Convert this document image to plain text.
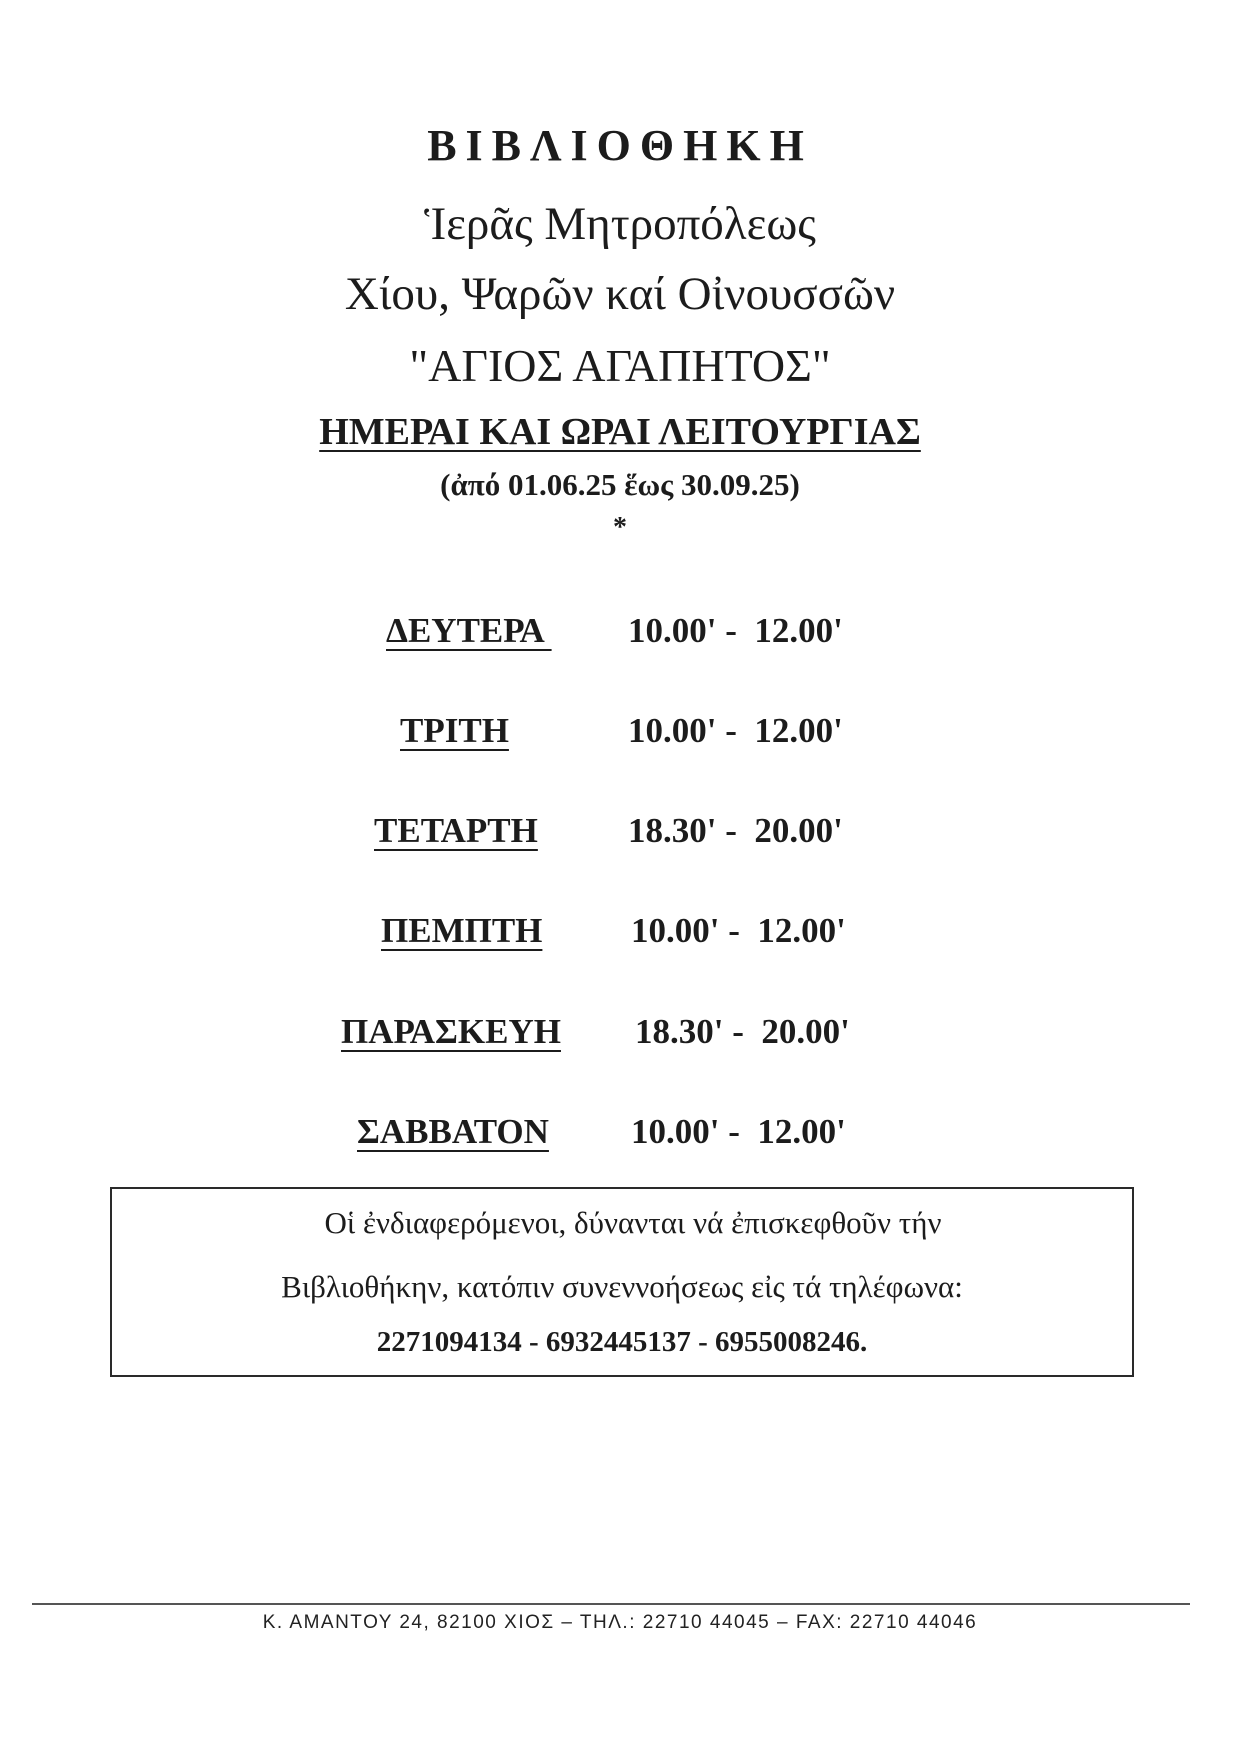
ΒΙΒΛΙΟΘΗΚΗ
Ἱερᾶς Μητροπόλεως
Χίου, Ψαρῶν καί Οἰνουσσῶν
"ΑΓΙΟΣ ΑΓΑΠΗΤΟΣ"
ΗΜΕΡΑΙ ΚΑΙ ΩΡΑΙ ΛΕΙΤΟΥΡΓΙΑΣ
(ἀπό 01.06.25 ἕως 30.09.25)
*
ΔΕΥΤΕΡΑ 10.00' -  12.00'
ΤΡΙΤΗ	10.00' -  12.00'
ΤΕΤΑΡΤΗ	18.30' -  20.00'
ΠΕΜΠΤΗ	10.00' -  12.00'
ΠΑΡΑΣΚΕΥΗ 18.30' -  20.00'
ΣΑΒΒΑΤΟΝ 10.00' -  12.00'
Οἱ ἐνδιαφερόμενοι, δύνανται νά ἐπισκεφθοῦν τήν
Βιβλιοθήκην, κατόπιν συνεννοήσεως εἰς τά τηλέφωνα:
2271094134 - 6932445137 - 6955008246.
Κ. ΑΜΑΝΤΟΥ 24, 82100 ΧΙΟΣ – ΤΗΛ.: 22710 44045 – FAX: 22710 44046
